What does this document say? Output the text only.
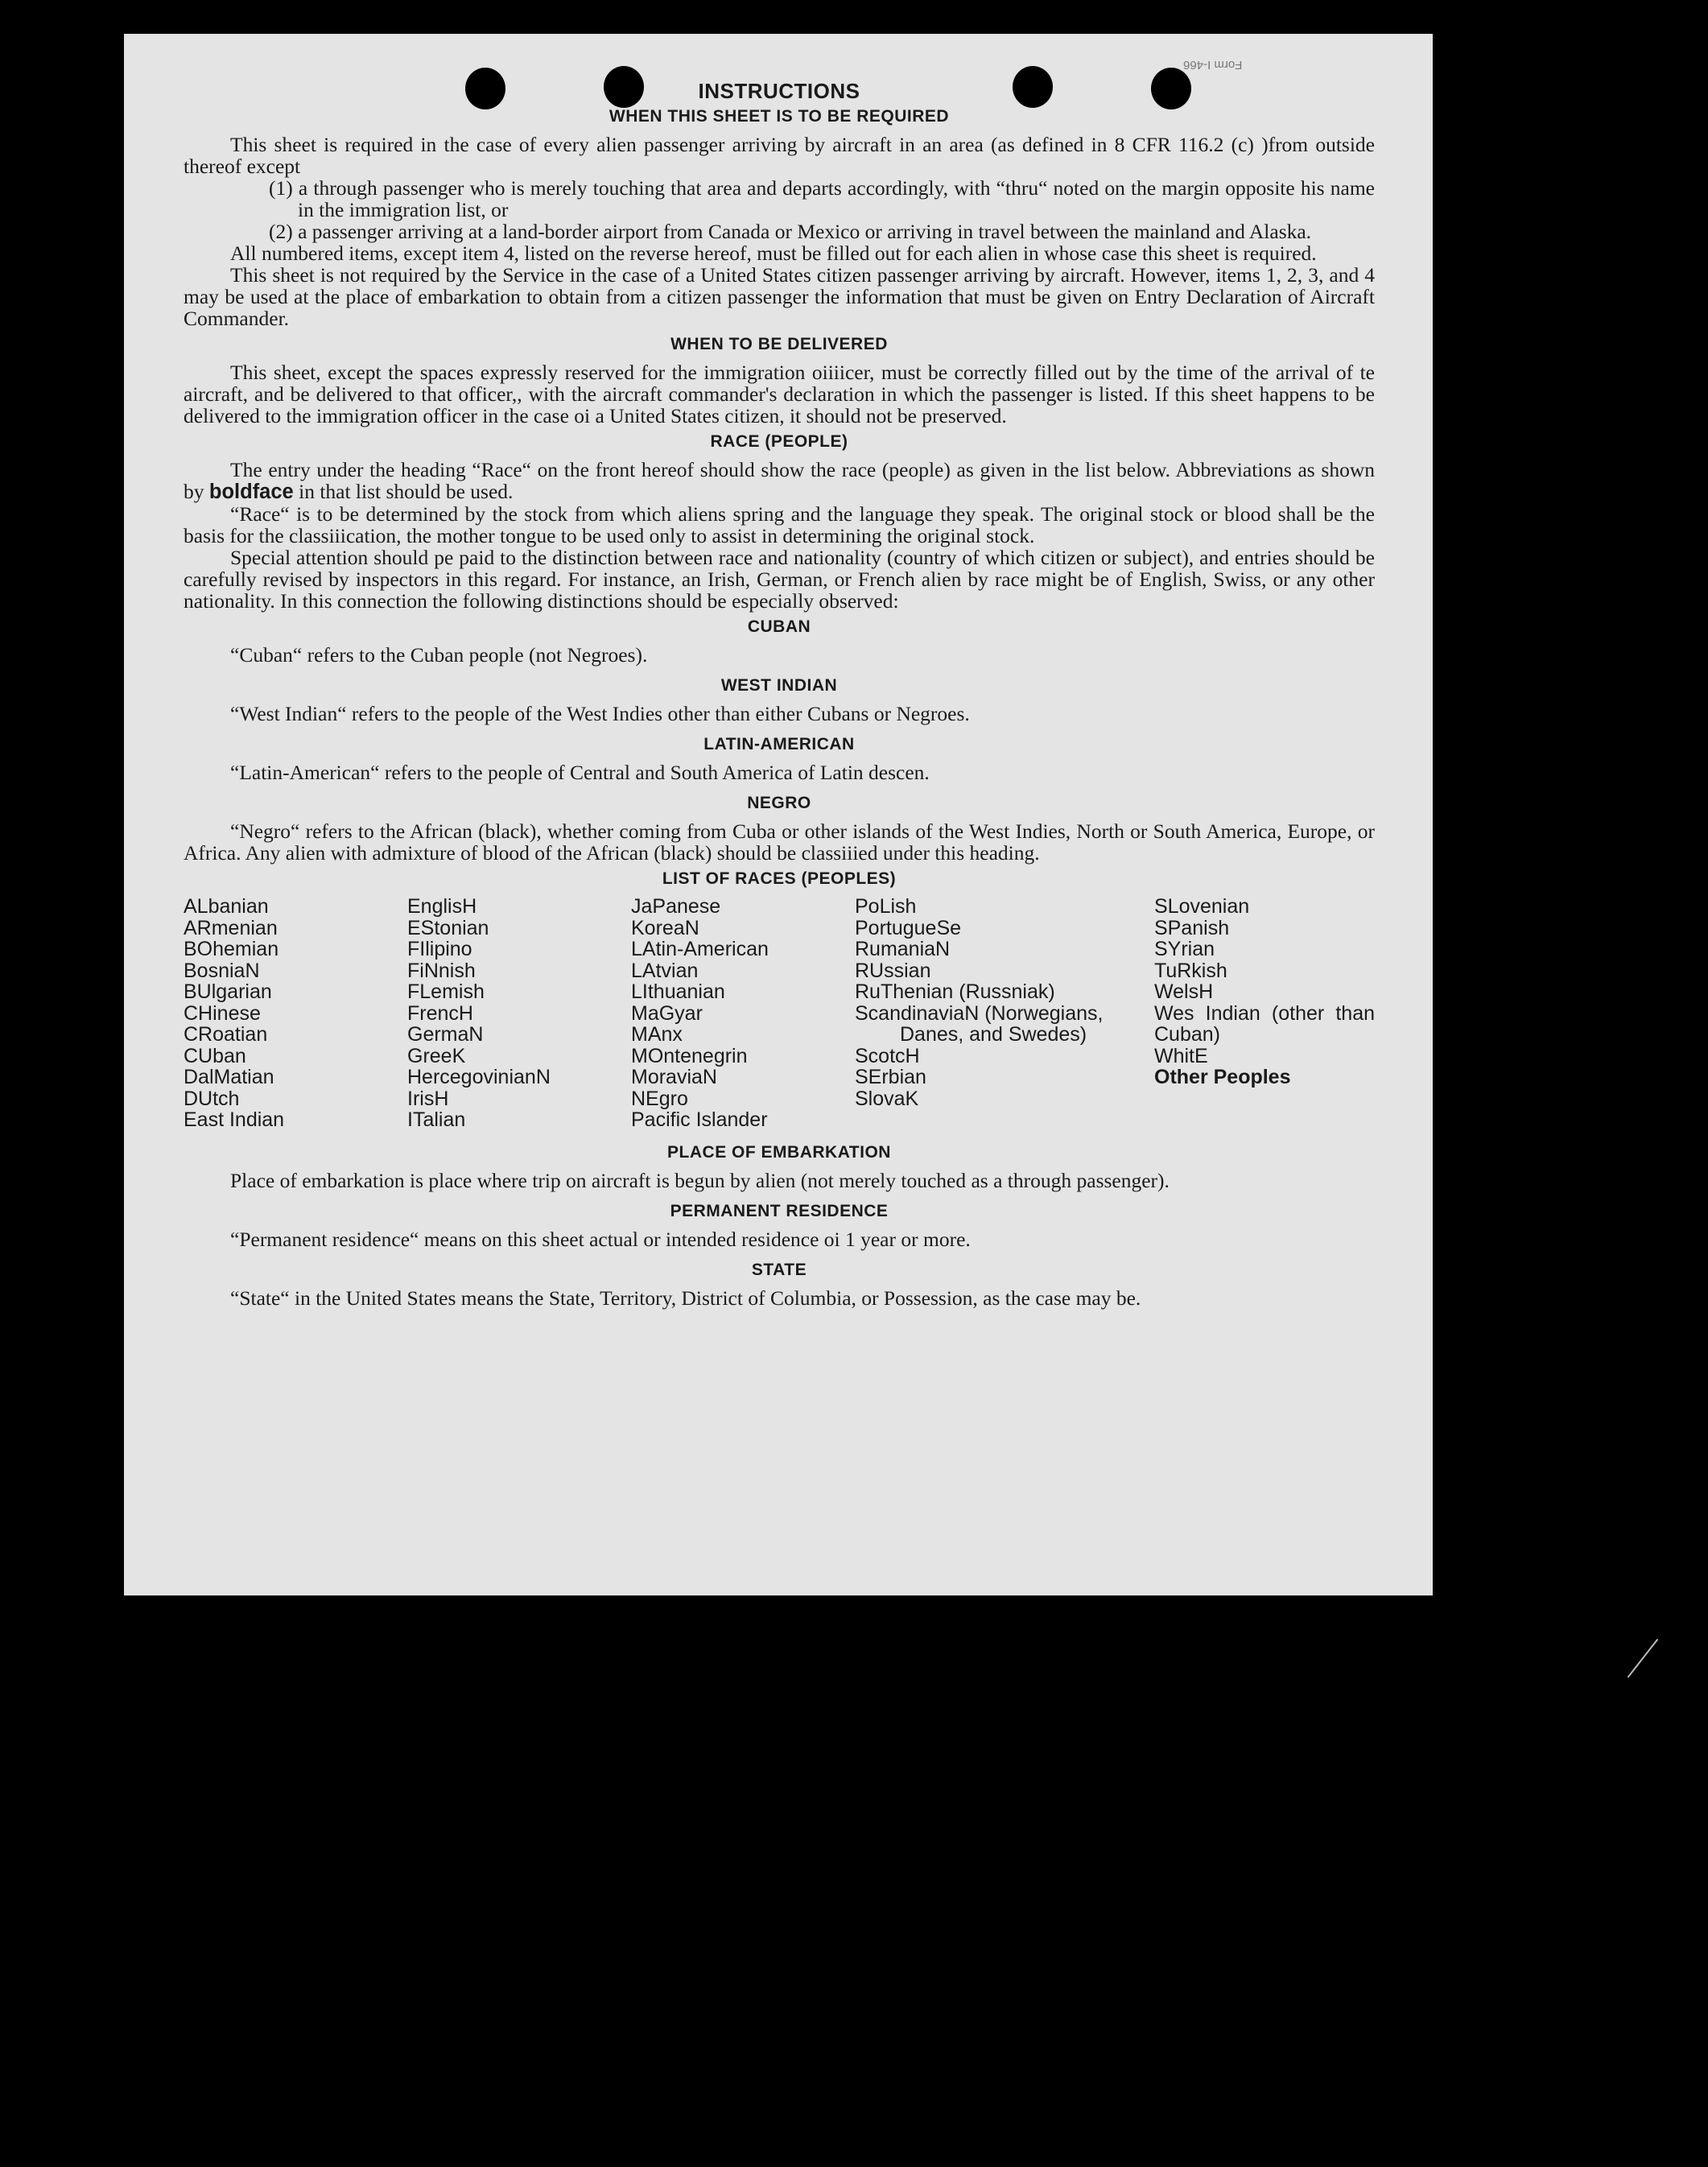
Form I-466
INSTRUCTIONS
WHEN THIS SHEET IS TO BE REQUIRED

This sheet is required in the case of every alien passenger arriving by aircraft in an area (as defined in 8 CFR 116.2 (c) )from outside thereof except

(1) a through passenger who is merely touching that area and departs accordingly, with “thru“ noted on the margin opposite his name in the immigration list, or

(2) a passenger arriving at a land-border airport from Canada or Mexico or arriving in travel between the mainland and Alaska.

All numbered items, except item 4, listed on the reverse hereof, must be filled out for each alien in whose case this sheet is required.

This sheet is not required by the Service in the case of a United States citizen passenger arriving by aircraft. However, items 1, 2, 3, and 4 may be used at the place of embarkation to obtain from a citizen passenger the information that must be given on Entry Declaration of Aircraft Commander.

WHEN TO BE DELIVERED

This sheet, except the spaces expressly reserved for the immigration oiiiicer, must be correctly filled out by the time of the arrival of te aircraft, and be delivered to that officer,, with the aircraft commander's declaration in which the passenger is listed. If this sheet happens to be delivered to the immigration officer in the case oi a United States citizen, it should not be preserved.

RACE (PEOPLE)

The entry under the heading “Race“ on the front hereof should show the race (people) as given in the list below. Abbreviations as shown by boldface in that list should be used.

“Race“ is to be determined by the stock from which aliens spring and the language they speak. The original stock or blood shall be the basis for the classiiication, the mother tongue to be used only to assist in determining the original stock.

Special attention should pe paid to the distinction between race and nationality (country of which citizen or subject), and entries should be carefully revised by inspectors in this regard. For instance, an Irish, German, or French alien by race might be of English, Swiss, or any other nationality. In this connection the following distinctions should be especially observed:

CUBAN

“Cuban“ refers to the Cuban people (not Negroes).

WEST INDIAN

“West Indian“ refers to the people of the West Indies other than either Cubans or Negroes.

LATIN-AMERICAN

“Latin-American“ refers to the people of Central and South America of Latin descen.

NEGRO

“Negro“ refers to the African (black), whether coming from Cuba or other islands of the West Indies, North or South America, Europe, or Africa. Any alien with admixture of blood of the African (black) should be classiiied under this heading.

LIST OF RACES (PEOPLES)
ALbanian
ARmenian
BOhemian
BosniaN
BUlgarian
CHinese
CRoatian
CUban
DalMatian
DUtch
East Indian
EnglisH
EStonian
FIlipino
FiNnish
FLemish
FrencH
GermaN
GreeK
HercegovinianN
IrisH
ITalian
JaPanese
KoreaN
LAtin-American
LAtvian
LIthuanian
MaGyar
MAnx
MOntenegrin
MoraviaN
NEgro
Pacific Islander
PoLish
PortugueSe
RumaniaN
RUssian
RuThenian (Russniak)
ScandinaviaN (Norwegians, Danes, and Swedes)
ScotcH
SErbian
SlovaK
SLovenian
SPanish
SYrian
TuRkish
WelsH
Wes Indian (other than Cuban)
WhitE
Other Peoples
PLACE OF EMBARKATION

Place of embarkation is place where trip on aircraft is begun by alien (not merely touched as a through passenger).

PERMANENT RESIDENCE

“Permanent residence“ means on this sheet actual or intended residence oi 1 year or more.

STATE

“State“ in the United States means the State, Territory, District of Columbia, or Possession, as the case may be.
